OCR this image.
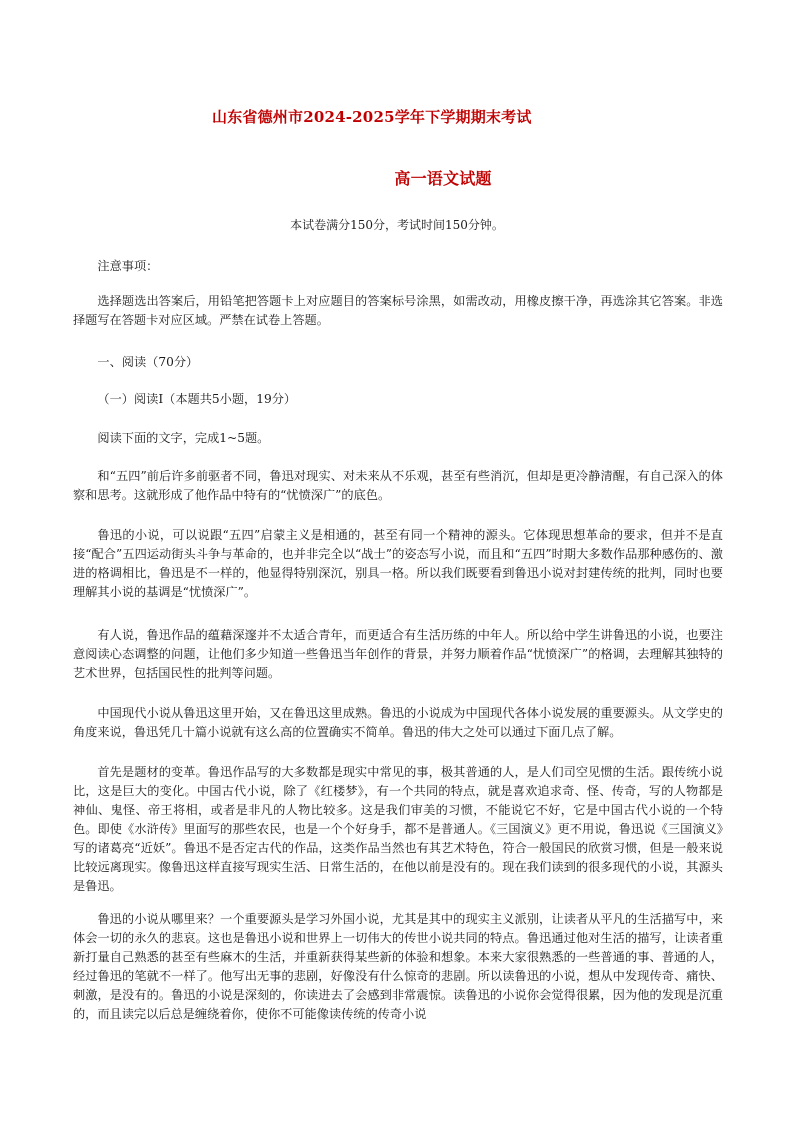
山东省德州市2024-2025学年下学期期末考试
高一语文试题
本试卷满分150分，考试时间150分钟。

注意事项：

选择题选出答案后，用铅笔把答题卡上对应题目的答案标号涂黑，如需改动，用橡皮擦干净，再选涂其它答案。非选择题写在答题卡对应区域。严禁在试卷上答题。

一、阅读（70分）

（一）阅读Ⅰ（本题共5小题，19分）

阅读下面的文字，完成1~5题。

和“五四”前后许多前驱者不同，鲁迅对现实、对未来从不乐观，甚至有些消沉，但却是更冷静清醒，有自己深入的体察和思考。这就形成了他作品中特有的“忧愤深广”的底色。

鲁迅的小说，可以说跟“五四”启蒙主义是相通的，甚至有同一个精神的源头。它体现思想革命的要求，但并不是直接“配合”五四运动街头斗争与革命的，也并非完全以“战士”的姿态写小说，而且和“五四”时期大多数作品那种感伤的、激进的格调相比，鲁迅是不一样的，他显得特别深沉，别具一格。所以我们既要看到鲁迅小说对封建传统的批判，同时也要理解其小说的基调是“忧愤深广”。

有人说，鲁迅作品的蕴藉深邃并不太适合青年，而更适合有生活历练的中年人。所以给中学生讲鲁迅的小说，也要注意阅读心态调整的问题，让他们多少知道一些鲁迅当年创作的背景，并努力顺着作品“忧愤深广”的格调，去理解其独特的艺术世界，包括国民性的批判等问题。

中国现代小说从鲁迅这里开始，又在鲁迅这里成熟。鲁迅的小说成为中国现代各体小说发展的重要源头。从文学史的角度来说，鲁迅凭几十篇小说就有这么高的位置确实不简单。鲁迅的伟大之处可以通过下面几点了解。

首先是题材的变革。鲁迅作品写的大多数都是现实中常见的事，极其普通的人，是人们司空见惯的生活。跟传统小说比，这是巨大的变化。中国古代小说，除了《红楼梦》，有一个共同的特点，就是喜欢追求奇、怪、传奇，写的人物都是神仙、鬼怪、帝王将相，或者是非凡的人物比较多。这是我们审美的习惯，不能说它不好，它是中国古代小说的一个特色。即使《水浒传》里面写的那些农民，也是一个个好身手，都不是普通人。《三国演义》更不用说，鲁迅说《三国演义》写的诸葛亮“近妖”。鲁迅不是否定古代的作品，这类作品当然也有其艺术特色，符合一般国民的欣赏习惯，但是一般来说比较远离现实。像鲁迅这样直接写现实生活、日常生活的，在他以前是没有的。现在我们读到的很多现代的小说，其源头是鲁迅。

鲁迅的小说从哪里来？一个重要源头是学习外国小说，尤其是其中的现实主义派别，让读者从平凡的生活描写中，来体会一切的永久的悲哀。这也是鲁迅小说和世界上一切伟大的传世小说共同的特点。鲁迅通过他对生活的描写，让读者重新打量自己熟悉的甚至有些麻木的生活，并重新获得某些新的体验和想象。本来大家很熟悉的一些普通的事、普通的人，经过鲁迅的笔就不一样了。他写出无事的悲剧，好像没有什么惊奇的悲剧。所以读鲁迅的小说，想从中发现传奇、痛快、刺激，是没有的。鲁迅的小说是深刻的，你读进去了会感到非常震惊。读鲁迅的小说你会觉得很累，因为他的发现是沉重的，而且读完以后总是缠绕着你，使你不可能像读传统的传奇小说
